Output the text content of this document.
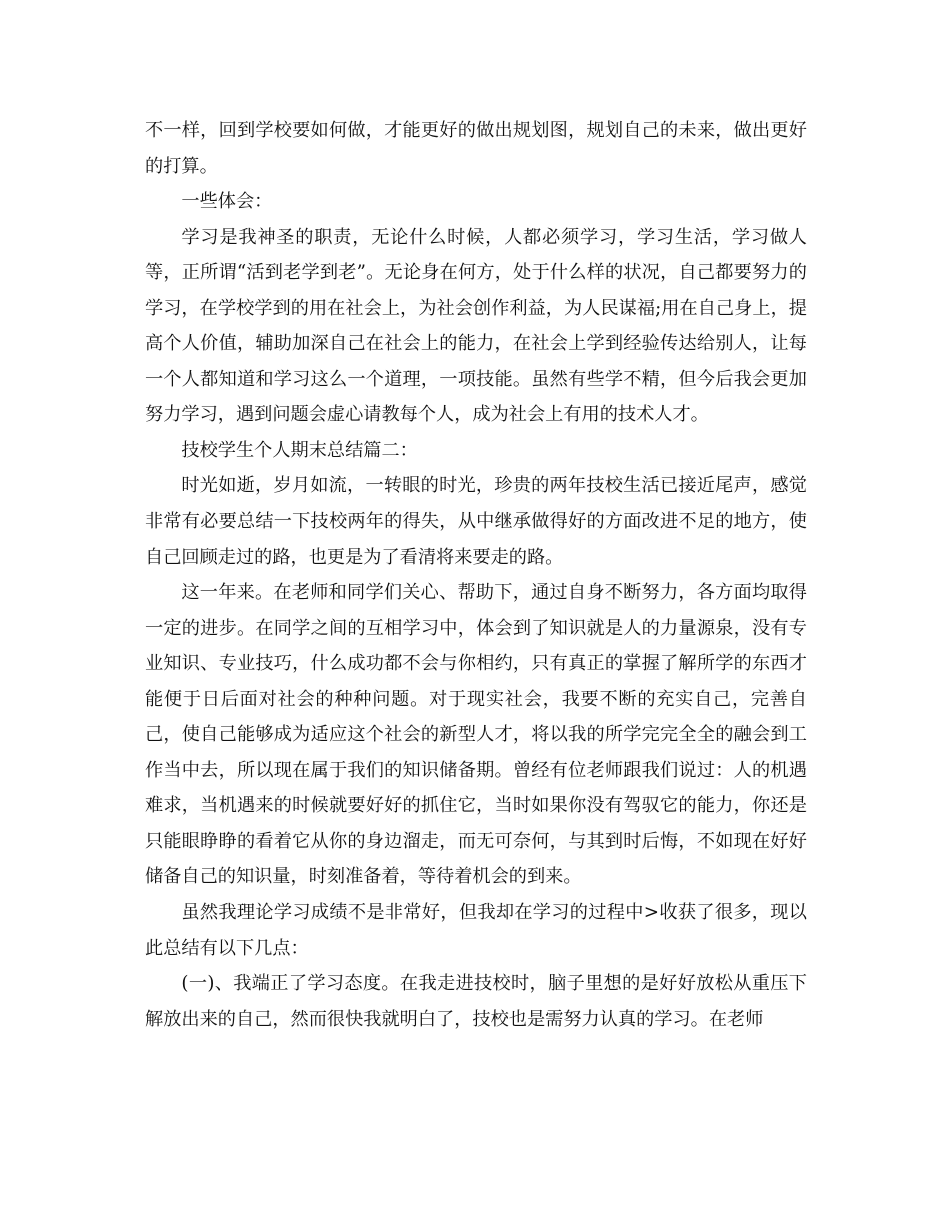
不一样，回到学校要如何做，才能更好的做出规划图，规划自己的未来，做出更好的打算。

一些体会：

学习是我神圣的职责，无论什么时候，人都必须学习，学习生活，学习做人等，正所谓“活到老学到老”。无论身在何方，处于什么样的状况，自己都要努力的学习，在学校学到的用在社会上，为社会创作利益，为人民谋福;用在自己身上，提高个人价值，辅助加深自己在社会上的能力，在社会上学到经验传达给别人，让每一个人都知道和学习这么一个道理，一项技能。虽然有些学不精，但今后我会更加努力学习，遇到问题会虚心请教每个人，成为社会上有用的技术人才。

技校学生个人期末总结篇二：

时光如逝，岁月如流，一转眼的时光，珍贵的两年技校生活已接近尾声，感觉非常有必要总结一下技校两年的得失，从中继承做得好的方面改进不足的地方，使自己回顾走过的路，也更是为了看清将来要走的路。

这一年来。在老师和同学们关心、帮助下，通过自身不断努力，各方面均取得一定的进步。在同学之间的互相学习中，体会到了知识就是人的力量源泉，没有专业知识、专业技巧，什么成功都不会与你相约，只有真正的掌握了解所学的东西才能便于日后面对社会的种种问题。对于现实社会，我要不断的充实自己，完善自己，使自己能够成为适应这个社会的新型人才，将以我的所学完完全全的融会到工作当中去，所以现在属于我们的知识储备期。曾经有位老师跟我们说过：人的机遇难求，当机遇来的时候就要好好的抓住它，当时如果你没有驾驭它的能力，你还是只能眼睁睁的看着它从你的身边溜走，而无可奈何，与其到时后悔，不如现在好好储备自己的知识量，时刻准备着，等待着机会的到来。

虽然我理论学习成绩不是非常好，但我却在学习的过程中>收获了很多，现以此总结有以下几点：

(一)、我端正了学习态度。在我走进技校时，脑子里想的是好好放松从重压下解放出来的自己，然而很快我就明白了，技校也是需努力认真的学习。在老师
